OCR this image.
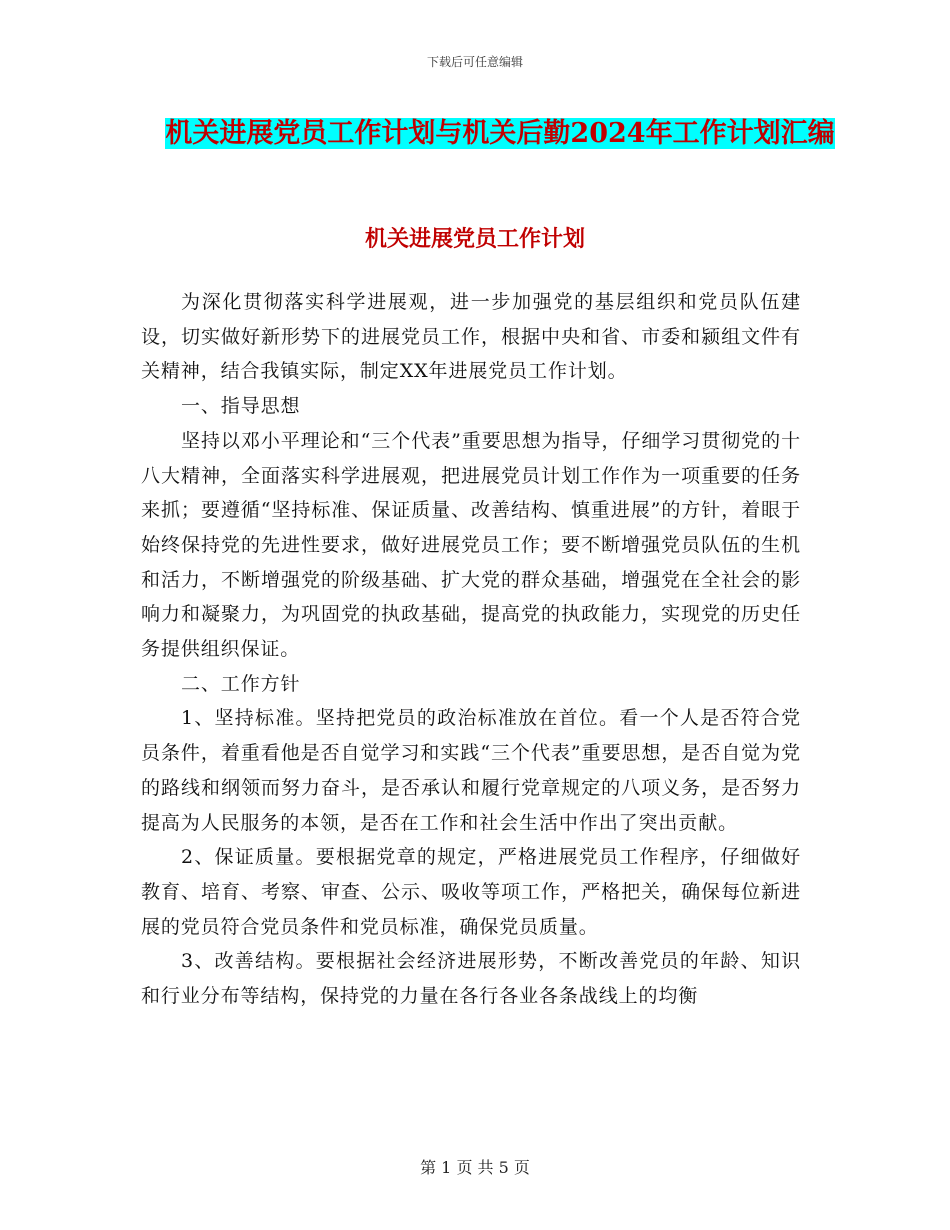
下载后可任意编辑
机关进展党员工作计划与机关后勤2024年工作计划汇编
机关进展党员工作计划

为深化贯彻落实科学进展观，进一步加强党的基层组织和党员队伍建设，切实做好新形势下的进展党员工作，根据中央和省、市委和颍组文件有关精神，结合我镇实际，制定XX年进展党员工作计划。

一、指导思想

坚持以邓小平理论和“三个代表”重要思想为指导，仔细学习贯彻党的十八大精神，全面落实科学进展观，把进展党员计划工作作为一项重要的任务来抓；要遵循“坚持标准、保证质量、改善结构、慎重进展”的方针，着眼于始终保持党的先进性要求，做好进展党员工作；要不断增强党员队伍的生机和活力，不断增强党的阶级基础、扩大党的群众基础，增强党在全社会的影响力和凝聚力，为巩固党的执政基础，提高党的执政能力，实现党的历史任务提供组织保证。

二、工作方针

1、坚持标准。坚持把党员的政治标准放在首位。看一个人是否符合党员条件，着重看他是否自觉学习和实践“三个代表”重要思想，是否自觉为党的路线和纲领而努力奋斗，是否承认和履行党章规定的八项义务，是否努力提高为人民服务的本领，是否在工作和社会生活中作出了突出贡献。

2、保证质量。要根据党章的规定，严格进展党员工作程序，仔细做好教育、培育、考察、审查、公示、吸收等项工作，严格把关，确保每位新进展的党员符合党员条件和党员标准，确保党员质量。

3、改善结构。要根据社会经济进展形势，不断改善党员的年龄、知识和行业分布等结构，保持党的力量在各行各业各条战线上的均衡

第 1 页 共 5 页
